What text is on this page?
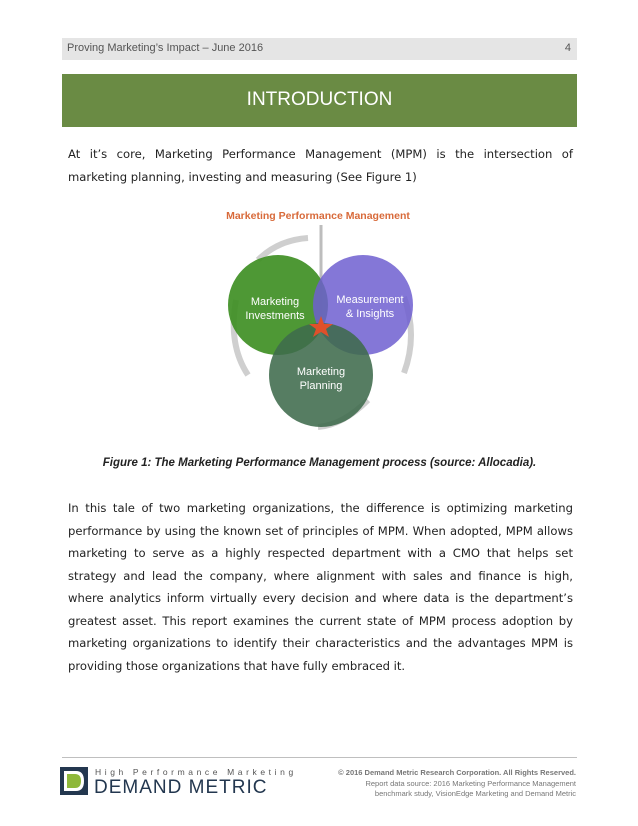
Proving Marketing’s Impact – June 2016	4
INTRODUCTION

At it’s core, Marketing Performance Management (MPM) is the intersection of marketing planning, investing and measuring (See Figure 1)

Marketing Performance Management
Marketing
Investments
Measurement
& Insights
Marketing
Planning
Figure 1: The Marketing Performance Management process (source: Allocadia).

In this tale of two marketing organizations, the difference is optimizing marketing performance by using the known set of principles of MPM. When adopted, MPM allows marketing to serve as a highly respected department with a CMO that helps set strategy and lead the company, where alignment with sales and finance is high, where analytics inform virtually every decision and where data is the department’s greatest asset. This report examines the current state of MPM process adoption by marketing organizations to identify their characteristics and the advantages MPM is providing those organizations that have fully embraced it.

High Performance Marketing
DEMAND METRIC
© 2016 Demand Metric Research Corporation. All Rights Reserved.
Report data source: 2016 Marketing Performance Management
benchmark study, VisionEdge Marketing and Demand Metric
